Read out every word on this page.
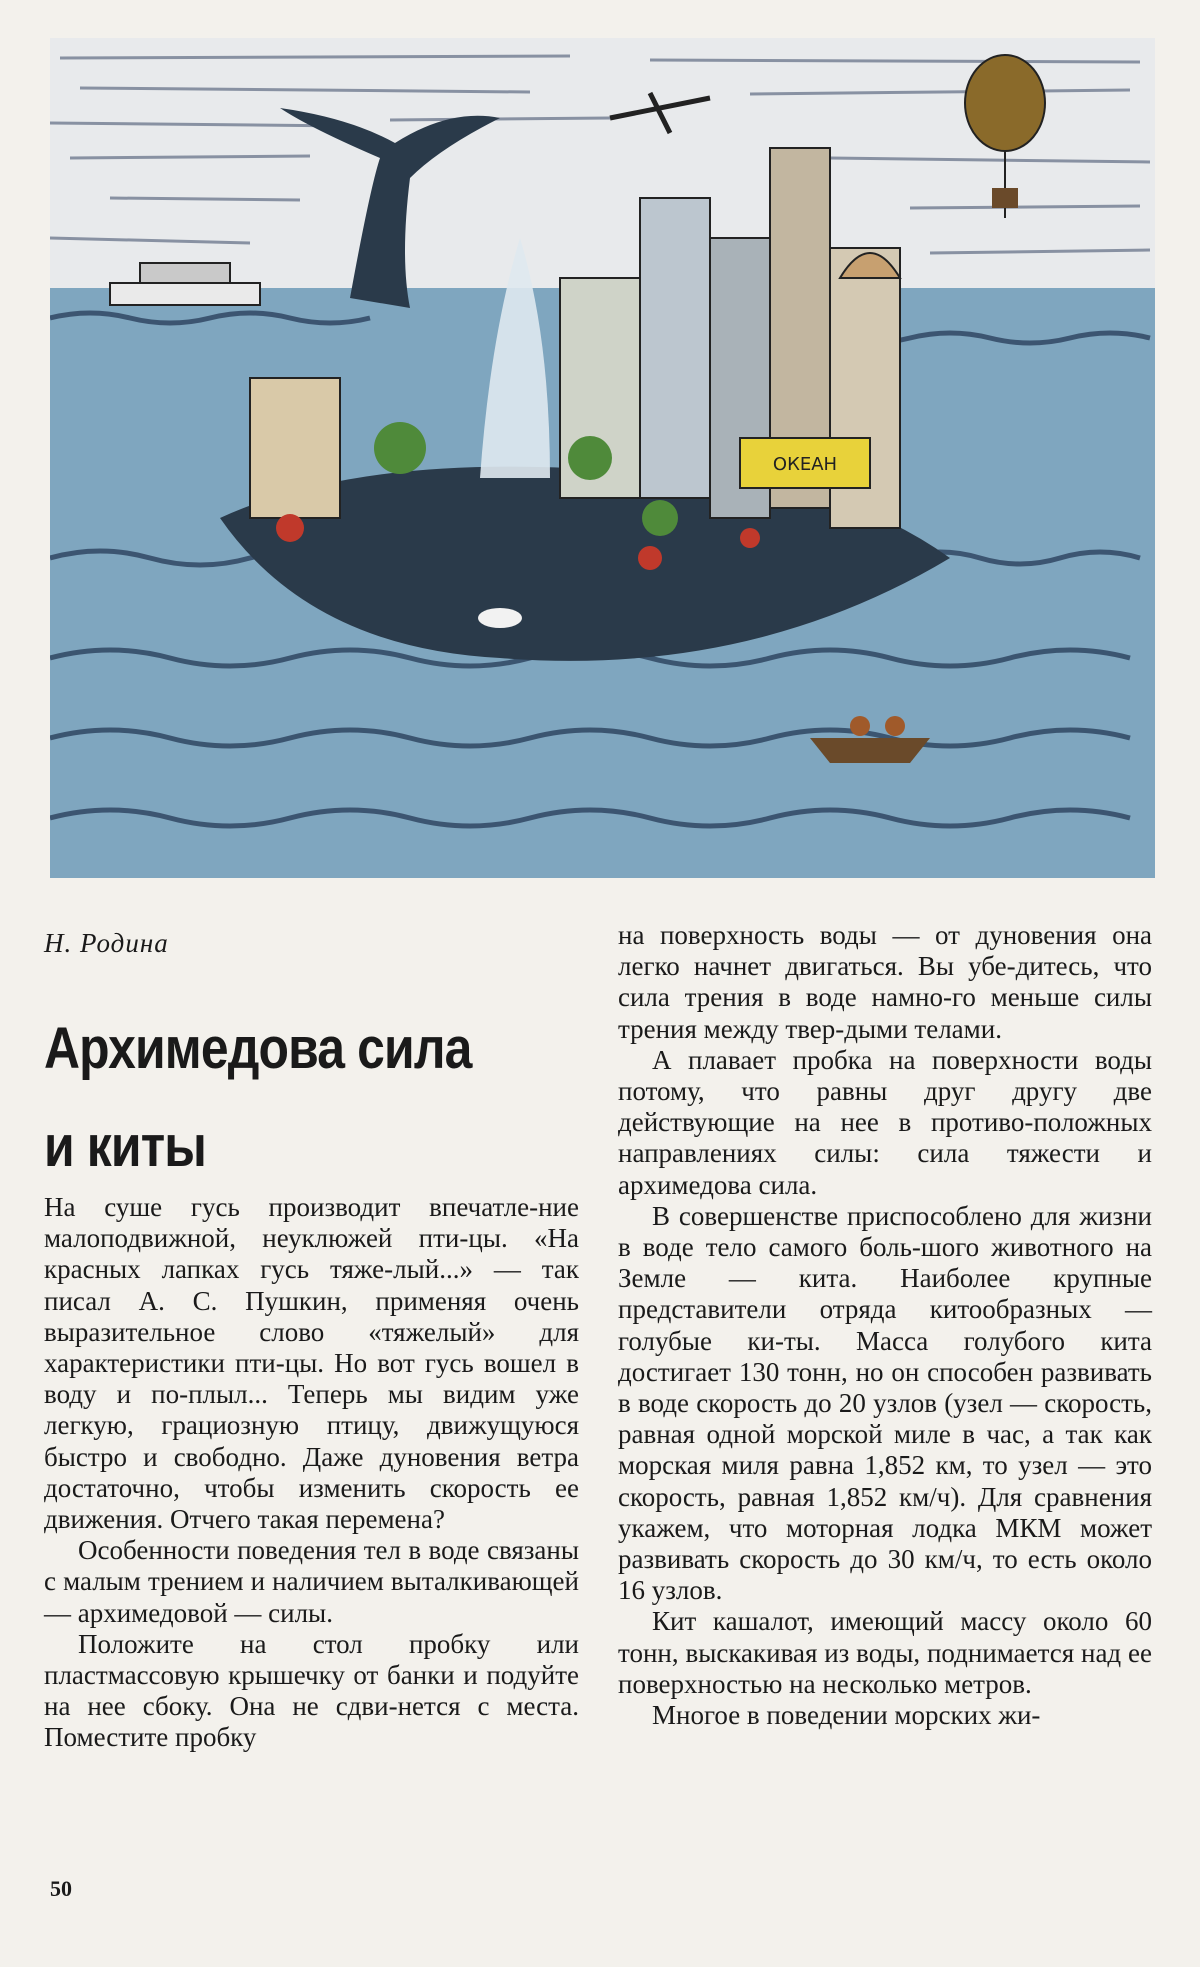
ОКЕАН
Н. Родина
Архимедова сила
и киты

На суше гусь производит впечатле-ние малоподвижной, неуклюжей пти-цы. «На красных лапках гусь тяже-лый...» — так писал А. С. Пушкин, применяя очень выразительное слово «тяжелый» для характеристики пти-цы. Но вот гусь вошел в воду и по-плыл... Теперь мы видим уже легкую, грациозную птицу, движущуюся быстро и свободно. Даже дуновения ветра достаточно, чтобы изменить скорость ее движения. Отчего такая перемена?

Особенности поведения тел в воде связаны с малым трением и наличием выталкивающей — архимедовой — силы.

Положите на стол пробку или пластмассовую крышечку от банки и подуйте на нее сбоку. Она не сдви-нется с места. Поместите пробку

на поверхность воды — от дуновения она легко начнет двигаться. Вы убе-дитесь, что сила трения в воде намно-го меньше силы трения между твер-дыми телами.

А плавает пробка на поверхности воды потому, что равны друг другу две действующие на нее в противо-положных направлениях силы: сила тяжести и архимедова сила.

В совершенстве приспособлено для жизни в воде тело самого боль-шого животного на Земле — кита. Наиболее крупные представители отряда китообразных — голубые ки-ты. Масса голубого кита достигает 130 тонн, но он способен развивать в воде скорость до 20 узлов (узел — скорость, равная одной морской миле в час, а так как морская миля равна 1,852 км, то узел — это скорость, равная 1,852 км/ч). Для сравнения укажем, что моторная лодка МКМ может развивать скорость до 30 км/ч, то есть около 16 узлов.

Кит кашалот, имеющий массу около 60 тонн, выскакивая из воды, поднимается над ее поверхностью на несколько метров.

Многое в поведении морских жи-

50
